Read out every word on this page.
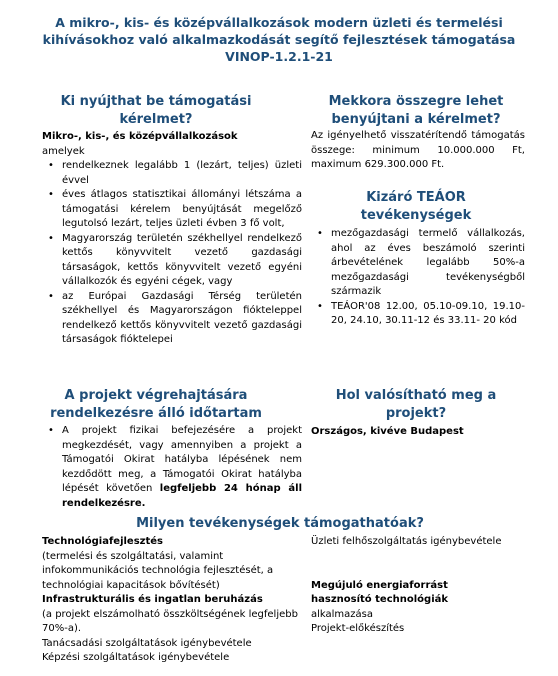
A mikro-, kis- és középvállalkozások modern üzleti és termelési
kihívásokhoz való alkalmazkodását segítő fejlesztések támogatása
VINOP-1.2.1-21
Ki nyújthat be támogatási
kérelmet?
Mikro-, kis-, és középvállalkozások
amelyek
• rendelkeznek legalább 1 (lezárt, teljes) üzleti évvel
• éves átlagos statisztikai állományi létszáma a támogatási kérelem benyújtását megelőző legutolsó lezárt, teljes üzleti évben 3 fő volt,
• Magyarország területén székhellyel rendelkező kettős könyvvitelt vezető gazdasági társaságok, kettős könyvvitelt vezető egyéni vállalkozók és egyéni cégek, vagy
• az Európai Gazdasági Térség területén székhellyel és Magyarországon fióktelеppel rendelkező kettős könyvvitelt vezető gazdasági társaságok fióktelepei
Mekkora összegre lehet
benyújtani a kérelmet?
Az igényelhető visszatérítendő támogatás összege: minimum 10.000.000 Ft, maximum 629.300.000 Ft.
Kizáró TEÁOR
tevékenységek
• mezőgazdasági termelő vállalkozás, ahol az éves beszámoló szerinti árbevételének legalább 50%-a mezőgazdasági tevékenységből származik
• TEÁOR'08 12.00, 05.10-09.10, 19.10-20, 24.10, 30.11-12 és 33.11- 20 kód
A projekt végrehajtására
rendelkezésre álló időtartam
• A projekt fizikai befejezésére a projekt megkezdését, vagy amennyiben a projekt a Támogatói Okirat hatályba lépésének nem kezdődött meg, a Támogatói Okirat hatályba lépését követően legfeljebb 24 hónap áll rendelkezésre.
Hol valósítható meg a
projekt?
Országos, kivéve Budapest
Milyen tevékenységek támogathatóak?
Technológiafejlesztés
(termelési és szolgáltatási, valamint infokommunikációs technológia fejlesztését, a technológiai kapacitások bővítését)
Infrastrukturális és ingatlan beruházás
(a projekt elszámolható összköltségének legfeljebb 70%-a).
Tanácsadási szolgáltatások igénybevétele
Képzési szolgáltatások igénybevétele
Üzleti felhőszolgáltatás igénybevétele
Megújuló energiaforrást
hasznosító technológiák
alkalmazása
Projekt-előkészítés
